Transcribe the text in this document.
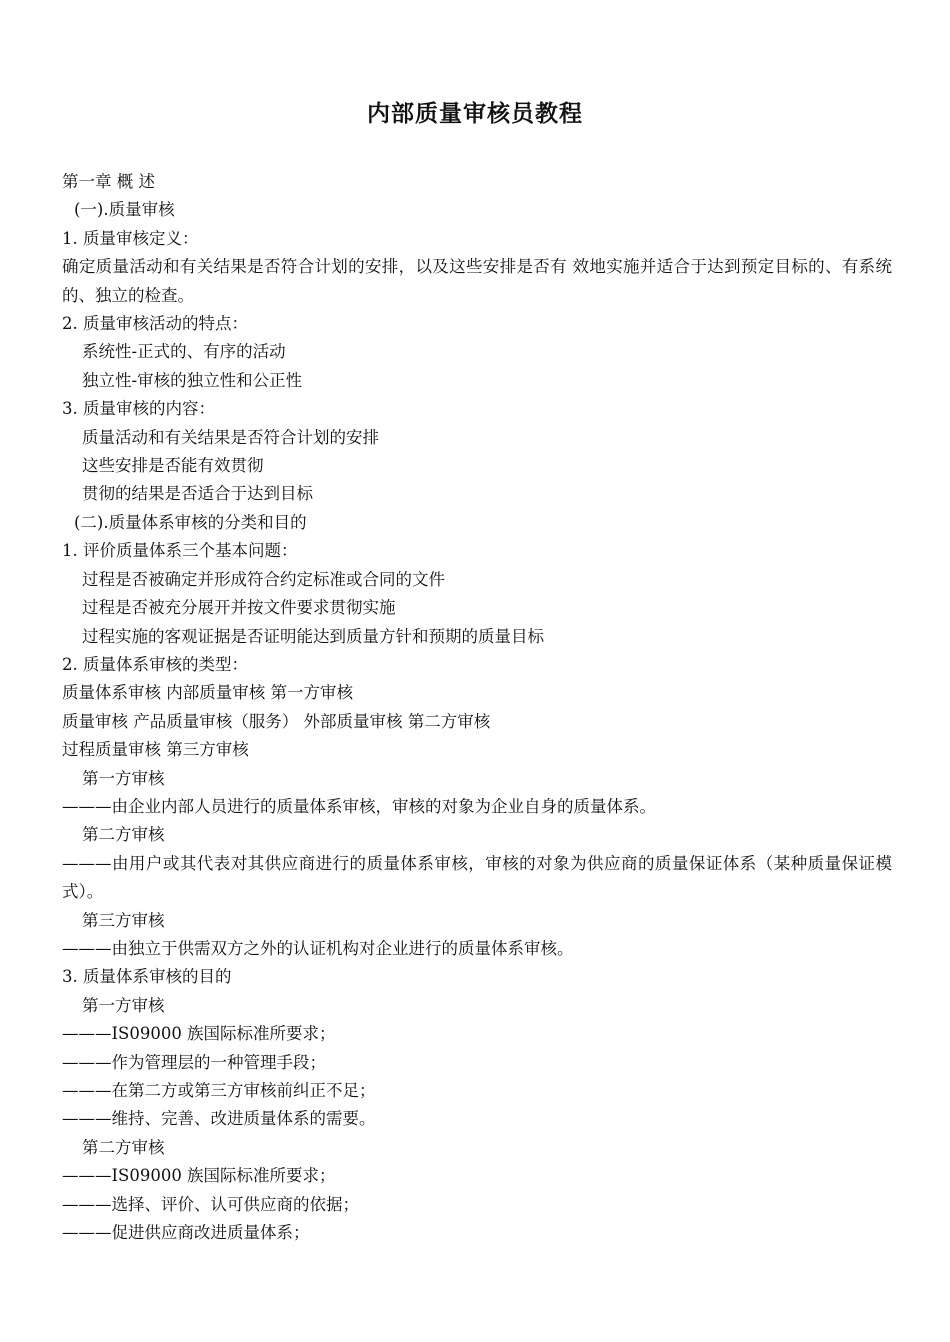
内部质量审核员教程

第一章 概 述

(一).质量审核

1. 质量审核定义：

确定质量活动和有关结果是否符合计划的安排，以及这些安排是否有 效地实施并适合于达到预定目标的、有系统的、独立的检查。

2. 质量审核活动的特点：

系统性-正式的、有序的活动

独立性-审核的独立性和公正性

3. 质量审核的内容：

质量活动和有关结果是否符合计划的安排

这些安排是否能有效贯彻

贯彻的结果是否适合于达到目标

(二).质量体系审核的分类和目的

1. 评价质量体系三个基本问题：

过程是否被确定并形成符合约定标准或合同的文件

过程是否被充分展开并按文件要求贯彻实施

过程实施的客观证据是否证明能达到质量方针和预期的质量目标

2. 质量体系审核的类型：

质量体系审核 内部质量审核 第一方审核

质量审核 产品质量审核（服务） 外部质量审核 第二方审核

过程质量审核 第三方审核

第一方审核

———由企业内部人员进行的质量体系审核，审核的对象为企业自身的质量体系。

第二方审核

———由用户或其代表对其供应商进行的质量体系审核，审核的对象为供应商的质量保证体系（某种质量保证模式）。

第三方审核

———由独立于供需双方之外的认证机构对企业进行的质量体系审核。

3. 质量体系审核的目的

第一方审核

———IS09000 族国际标准所要求；

———作为管理层的一种管理手段；

———在第二方或第三方审核前纠正不足；

———维持、完善、改进质量体系的需要。

第二方审核

———IS09000 族国际标准所要求；

———选择、评价、认可供应商的依据；

———促进供应商改进质量体系；
